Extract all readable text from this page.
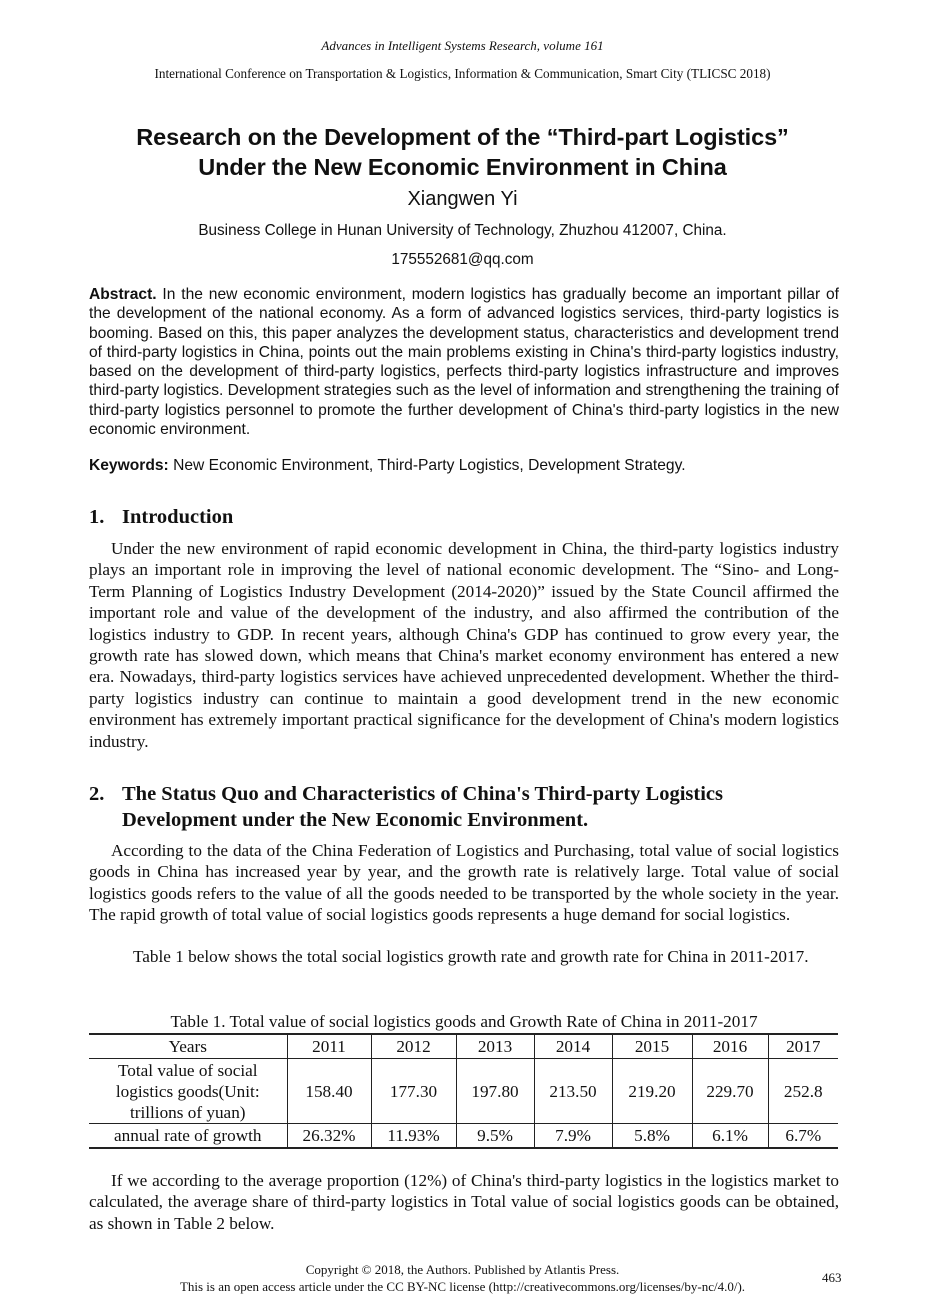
Advances in Intelligent Systems Research, volume 161
International Conference on Transportation & Logistics, Information & Communication, Smart City (TLICSC 2018)
Research on the Development of the “Third-part Logistics”
Under the New Economic Environment in China
Xiangwen Yi
Business College in Hunan University of Technology, Zhuzhou 412007, China.
175552681@qq.com
Abstract. In the new economic environment, modern logistics has gradually become an important pillar of the development of the national economy. As a form of advanced logistics services, third-party logistics is booming. Based on this, this paper analyzes the development status, characteristics and development trend of third-party logistics in China, points out the main problems existing in China's third-party logistics industry, based on the development of third-party logistics, perfects third-party logistics infrastructure and improves third-party logistics. Development strategies such as the level of information and strengthening the training of third-party logistics personnel to promote the further development of China's third-party logistics in the new economic environment.
Keywords: New Economic Environment, Third-Party Logistics, Development Strategy.
1. Introduction
Under the new environment of rapid economic development in China, the third-party logistics industry plays an important role in improving the level of national economic development. The “Sino- and Long-Term Planning of Logistics Industry Development (2014-2020)” issued by the State Council affirmed the important role and value of the development of the industry, and also affirmed the contribution of the logistics industry to GDP. In recent years, although China's GDP has continued to grow every year, the growth rate has slowed down, which means that China's market economy environment has entered a new era. Nowadays, third-party logistics services have achieved unprecedented development. Whether the third-party logistics industry can continue to maintain a good development trend in the new economic environment has extremely important practical significance for the development of China's modern logistics industry.
2. The Status Quo and Characteristics of China's Third-party Logistics
Development under the New Economic Environment.
According to the data of the China Federation of Logistics and Purchasing, total value of social logistics goods in China has increased year by year, and the growth rate is relatively large. Total value of social logistics goods refers to the value of all the goods needed to be transported by the whole society in the year. The rapid growth of total value of social logistics goods represents a huge demand for social logistics.
Table 1 below shows the total social logistics growth rate and growth rate for China in 2011-2017.
Table 1. Total value of social logistics goods and Growth Rate of China in 2011-2017
Years	2011	2012	2013	2014	2015	2016	2017
Total value of social logistics goods(Unit: trillions of yuan)	158.40	177.30	197.80	213.50	219.20	229.70	252.8
annual rate of growth	26.32%	11.93%	9.5%	7.9%	5.8%	6.1%	6.7%
If we according to the average proportion (12%) of China's third-party logistics in the logistics market to calculated, the average share of third-party logistics in Total value of social logistics goods can be obtained, as shown in Table 2 below.
Copyright © 2018, the Authors. Published by Atlantis Press.
This is an open access article under the CC BY-NC license (http://creativecommons.org/licenses/by-nc/4.0/).
463
